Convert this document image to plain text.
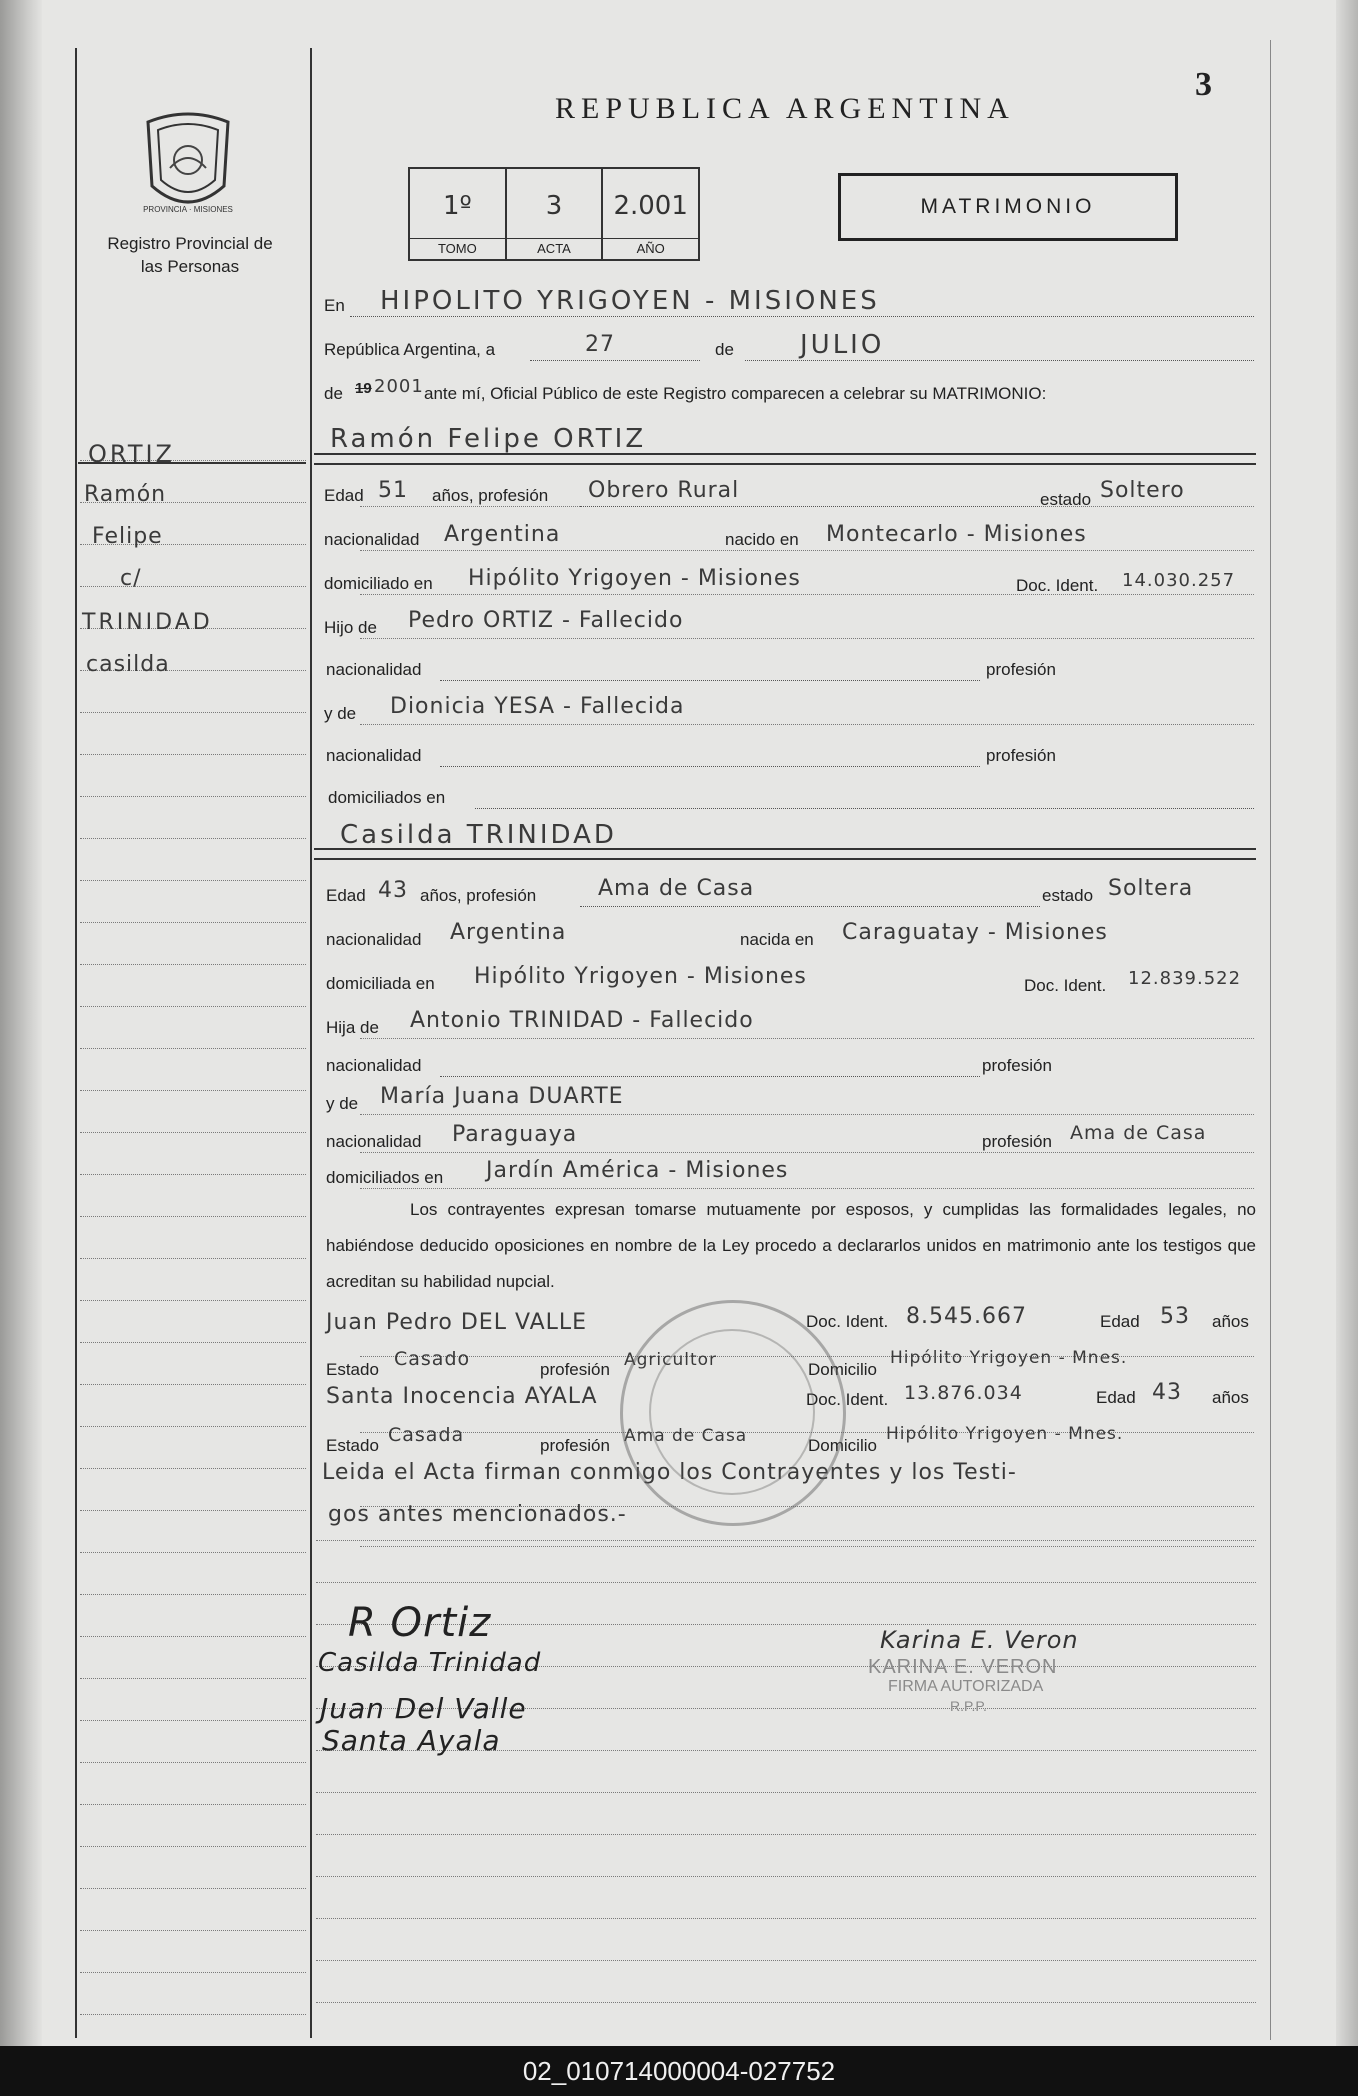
PROVINCIA · MISIONES
Registro Provincial de las Personas
REPUBLICA ARGENTINA
3
1º
TOMO
3
ACTA
2.001
AÑO
MATRIMONIO
ORTIZ
Ramón
Felipe
c/
TRINIDAD
casilda
En HIPOLITO YRIGOYEN - MISIONES
República Argentina, a	27	de	JULIO
de 19 2001 ante mí, Oficial Público de este Registro comparecen a celebrar su MATRIMONIO:
Ramón Felipe ORTIZ
Edad 51 años, profesión Obrero Rural	estado Soltero
nacionalidad Argentina	nacido en Montecarlo - Misiones
domiciliado en Hipólito Yrigoyen - Misiones	Doc. Ident. 14.030.257
Hijo de Pedro ORTIZ - Fallecido
nacionalidad	profesión
y de Dionicia YESA - Fallecida
nacionalidad	profesión
domiciliados en
Casilda TRINIDAD
Edad 43 años, profesión	Ama de Casa	estado Soltera
nacionalidad Argentina	nacida en Caraguatay - Misiones
domiciliada en Hipólito Yrigoyen - Misiones	Doc. Ident. 12.839.522
Hija de Antonio TRINIDAD - Fallecido
nacionalidad	profesión
y de María Juana DUARTE
nacionalidad Paraguaya	profesión Ama de Casa
domiciliados en Jardín América - Misiones
Los contrayentes expresan tomarse mutuamente por esposos, y cumplidas las formalidades legales, no habiéndose deducido oposiciones en nombre de la Ley procedo a declararlos unidos en matrimonio ante los testigos que acreditan su habilidad nupcial.
Juan Pedro DEL VALLE	Doc. Ident. 8.545.667	Edad 53 años
Estado Casado	profesión Agricultor	Domicilio
Hipólito Yrigoyen - Mnes.
Santa Inocencia AYALA	Doc. Ident. 13.876.034	Edad 43 años
Estado Casada	profesión Ama de Casa	Domicilio
Hipólito Yrigoyen - Mnes.
Leida el Acta firman conmigo los Contrayentes y los Testi-
gos antes mencionados.-
R Ortiz
Casilda Trinidad
Juan Del Valle
Santa Ayala
Karina E. Veron
KARINA E. VERON
FIRMA AUTORIZADA
R.P.P.
02_010714000004-027752
